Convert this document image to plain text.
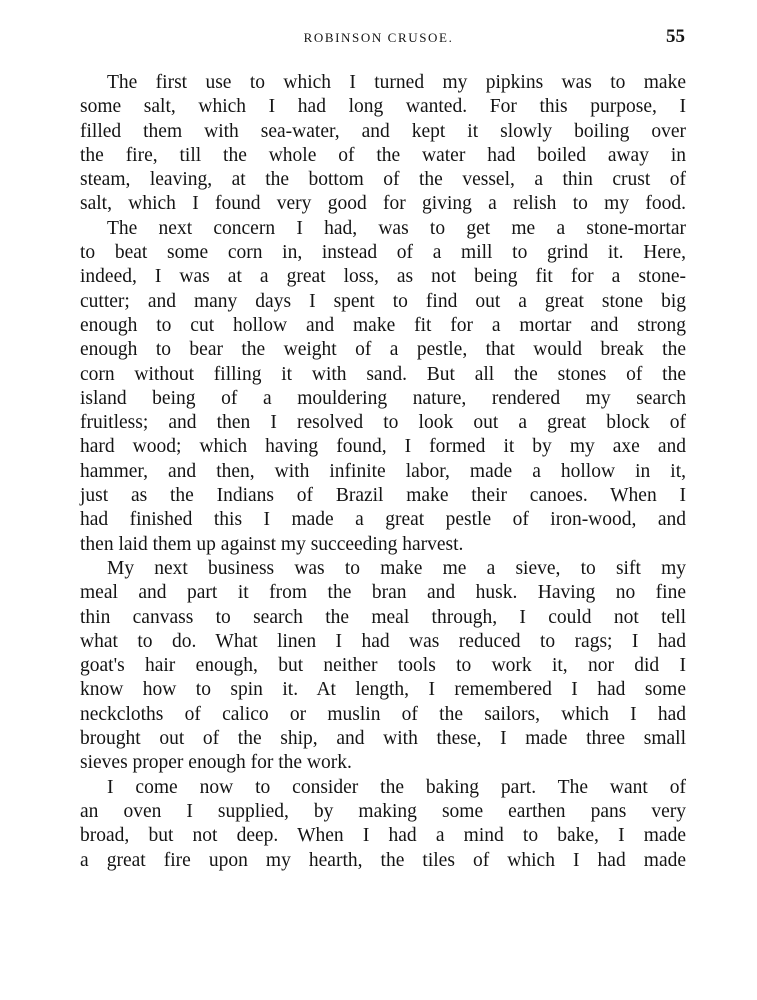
ROBINSON CRUSOE.	55
The first use to which I turned my pipkins was to make
some salt, which I had long wanted. For this purpose, I
filled them with sea-water, and kept it slowly boiling over
the fire, till the whole of the water had boiled away in
steam, leaving, at the bottom of the vessel, a thin crust of
salt, which I found very good for giving a relish to my food.
The next concern I had, was to get me a stone-mortar
to beat some corn in, instead of a mill to grind it. Here,
indeed, I was at a great loss, as not being fit for a stone-
cutter; and many days I spent to find out a great stone big
enough to cut hollow and make fit for a mortar and strong
enough to bear the weight of a pestle, that would break the
corn without filling it with sand. But all the stones of the
island being of a mouldering nature, rendered my search
fruitless; and then I resolved to look out a great block of
hard wood; which having found, I formed it by my axe and
hammer, and then, with infinite labor, made a hollow in it,
just as the Indians of Brazil make their canoes. When I
had finished this I made a great pestle of iron-wood, and
then laid them up against my succeeding harvest.
My next business was to make me a sieve, to sift my
meal and part it from the bran and husk. Having no fine
thin canvass to search the meal through, I could not tell
what to do. What linen I had was reduced to rags; I had
goat's hair enough, but neither tools to work it, nor did I
know how to spin it. At length, I remembered I had some
neckcloths of calico or muslin of the sailors, which I had
brought out of the ship, and with these, I made three small
sieves proper enough for the work.
I come now to consider the baking part. The want of
an oven I supplied, by making some earthen pans very
broad, but not deep. When I had a mind to bake, I made
a great fire upon my hearth, the tiles of which I had made
